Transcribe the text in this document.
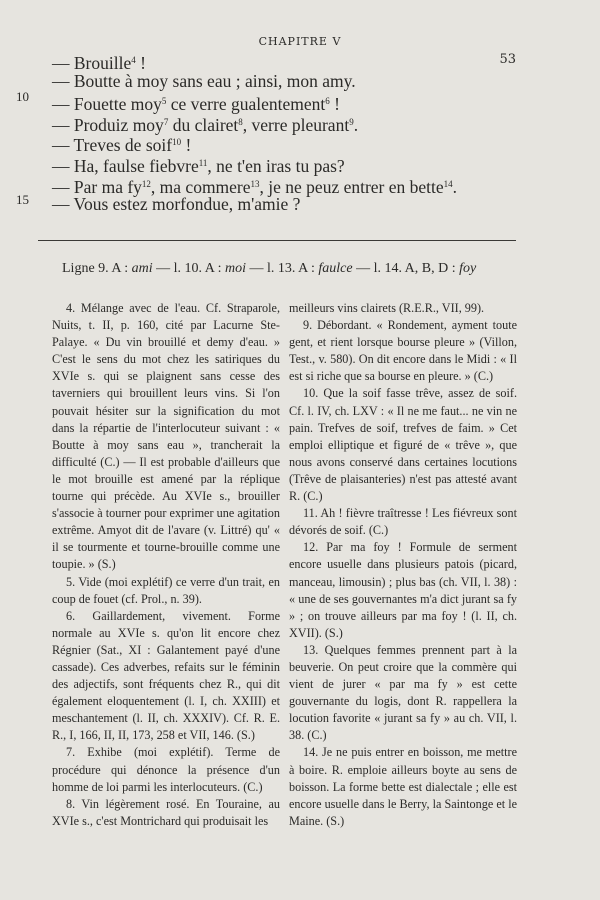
CHAPITRE V
53
10
15
— Brouille$^4$ !
— Boutte à moy sans eau ; ainsi, mon amy.
— Fouette moy$^5$ ce verre gualentement$^6$ !
— Produiz moy$^7$ du clairet$^8$, verre pleurant$^9$.
— Treves de soif$^{10}$ !
— Ha, faulse fiebvre$^{11}$, ne t'en iras tu pas?
— Par ma $fy^{12}$, ma commere$^{13}$, je ne peuz entrer en bette$^{14}$.
— Vous estez morfondue, m'amie ?
Ligne 9. A : ami — l. 10. A : moi — l. 13. A : faulce — l. 14. A, B, D : foy

4. Mélange avec de l'eau. Cf. Straparole, Nuits, t. II, p. 160, cité par Lacurne Ste-Palaye. « Du vin brouillé et demy d'eau. » C'est le sens du mot chez les satiriques du XVIe s. qui se plaignent sans cesse des taverniers qui brouillent leurs vins. Si l'on pouvait hésiter sur la signification du mot dans la répartie de l'interlocuteur suivant : « Boutte à moy sans eau », trancherait la difficulté (C.) — Il est probable d'ailleurs que le mot brouille est amené par la réplique tourne qui précède. Au XVIe s., brouiller s'associe à tourner pour exprimer une agitation extrême. Amyot dit de l'avare (v. Littré) qu' « il se tourmente et tourne-brouille comme une toupie. » (S.)

5. Vide (moi explétif) ce verre d'un trait, en coup de fouet (cf. Prol., n. 39).

6. Gaillardement, vivement. Forme normale au XVIe s. qu'on lit encore chez Régnier (Sat., XI : Galantement payé d'une cassade). Ces adverbes, refaits sur le féminin des adjectifs, sont fréquents chez R., qui dit également eloquentement (l. I, ch. XXIII) et meschantement (l. II, ch. XXXIV). Cf. R. E. R., I, 166, II, II, 173, 258 et VII, 146. (S.)

7. Exhibe (moi explétif). Terme de procédure qui dénonce la présence d'un homme de loi parmi les interlocuteurs. (C.)

8. Vin légèrement rosé. En Touraine, au XVIe s., c'est Montrichard qui produisait les

meilleurs vins clairets (R.E.R., VII, 99).

9. Débordant. « Rondement, ayment toute gent, et rient lorsque bourse pleure » (Villon, Test., v. 580). On dit encore dans le Midi : « Il est si riche que sa bourse en pleure. » (C.)

10. Que la soif fasse trêve, assez de soif. Cf. l. IV, ch. LXV : « Il ne me faut... ne vin ne pain. Trefves de soif, trefves de faim. » Cet emploi elliptique et figuré de « trêve », que nous avons conservé dans certaines locutions (Trêve de plaisanteries) n'est pas attesté avant R. (C.)

11. Ah ! fièvre traîtresse ! Les fiévreux sont dévorés de soif. (C.)

12. Par ma foy ! Formule de serment encore usuelle dans plusieurs patois (picard, manceau, limousin) ; plus bas (ch. VII, l. 38) : « une de ses gouvernantes m'a dict jurant sa fy » ; on trouve ailleurs par ma foy ! (l. II, ch. XVII). (S.)

13. Quelques femmes prennent part à la beuverie. On peut croire que la commère qui vient de jurer « par ma fy » est cette gouvernante du logis, dont R. rappellera la locution favorite « jurant sa fy » au ch. VII, l. 38. (C.)

14. Je ne puis entrer en boisson, me mettre à boire. R. emploie ailleurs boyte au sens de boisson. La forme bette est dialectale ; elle est encore usuelle dans le Berry, la Saintonge et le Maine. (S.)
